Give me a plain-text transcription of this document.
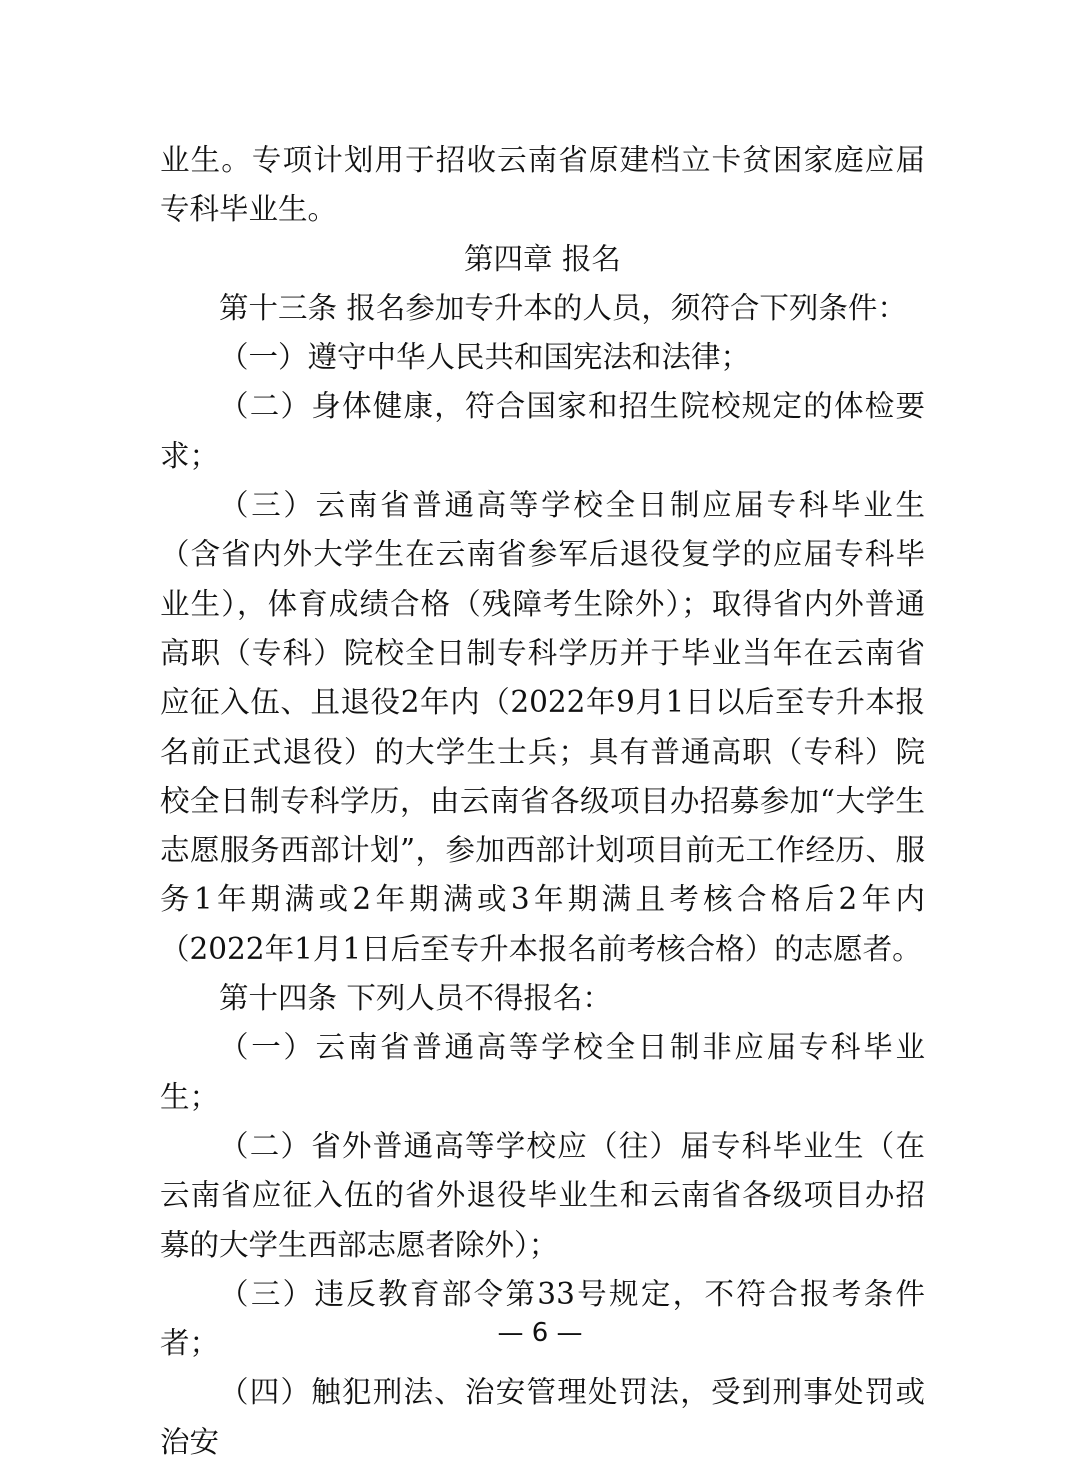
业生。专项计划用于招收云南省原建档立卡贫困家庭应届专科毕业生。

第四章 报名

第十三条 报名参加专升本的人员，须符合下列条件：

（一）遵守中华人民共和国宪法和法律；

（二）身体健康，符合国家和招生院校规定的体检要求；

（三）云南省普通高等学校全日制应届专科毕业生（含省内外大学生在云南省参军后退役复学的应届专科毕业生），体育成绩合格（残障考生除外）；取得省内外普通高职（专科）院校全日制专科学历并于毕业当年在云南省应征入伍、且退役2年内（2022年9月1日以后至专升本报名前正式退役）的大学生士兵；具有普通高职（专科）院校全日制专科学历，由云南省各级项目办招募参加“大学生志愿服务西部计划”，参加西部计划项目前无工作经历、服务1年期满或2年期满或3年期满且考核合格后2年内（2022年1月1日后至专升本报名前考核合格）的志愿者。

第十四条 下列人员不得报名：

（一）云南省普通高等学校全日制非应届专科毕业生；

（二）省外普通高等学校应（往）届专科毕业生（在云南省应征入伍的省外退役毕业生和云南省各级项目办招募的大学生西部志愿者除外）；

（三）违反教育部令第33号规定，不符合报考条件者；

（四）触犯刑法、治安管理处罚法，受到刑事处罚或治安

— 6 —
